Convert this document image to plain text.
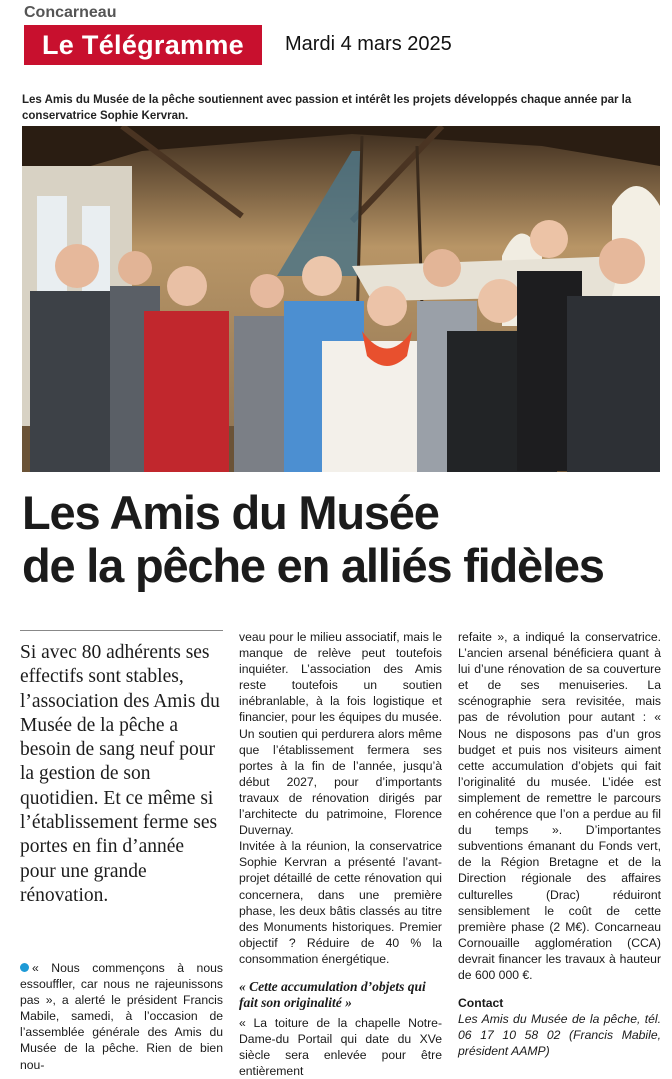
Concarneau
Le Télégramme	Mardi 4 mars 2025
Les Amis du Musée de la pêche soutiennent avec passion et intérêt les projets développés chaque année par la conservatrice Sophie Kervran.
Les Amis du Musée
de la pêche en alliés fidèles

Si avec 80 adhérents ses effectifs sont stables, l’association des Amis du Musée de la pêche a besoin de sang neuf pour la gestion de son quotidien. Et ce même si l’établissement ferme ses portes en fin d’année pour une grande rénovation.

« Nous commençons à nous essouffler, car nous ne rajeunissons pas », a alerté le président Francis Mabile, samedi, à l’occasion de l’assemblée générale des Amis du Musée de la pêche. Rien de bien nou-

veau pour le milieu associatif, mais le manque de relève peut toutefois inquiéter. L’association des Amis reste toutefois un soutien inébranlable, à la fois logistique et financier, pour les équipes du musée. Un soutien qui perdurera alors même que l’établissement fermera ses portes à la fin de l’année, jusqu’à début 2027, pour d’importants travaux de rénovation dirigés par l’architecte du patrimoine, Florence Duvernay.

Invitée à la réunion, la conservatrice Sophie Kervran a présenté l’avant-projet détaillé de cette rénovation qui concernera, dans une première phase, les deux bâtis classés au titre des Monuments historiques. Premier objectif ? Réduire de 40 % la consommation énergétique.

« Cette accumulation d’objets qui fait son originalité »

« La toiture de la chapelle Notre-Dame-du Portail qui date du XVe siècle sera enlevée pour être entièrement

refaite », a indiqué la conservatrice. L’ancien arsenal bénéficiera quant à lui d’une rénovation de sa couverture et de ses menuiseries. La scénographie sera revisitée, mais pas de révolution pour autant : « Nous ne disposons pas d’un gros budget et puis nos visiteurs aiment cette accumulation d’objets qui fait l’originalité du musée. L’idée est simplement de remettre le parcours en cohérence que l’on a perdue au fil du temps ». D’importantes subventions émanant du Fonds vert, de la Région Bretagne et de la Direction régionale des affaires culturelles (Drac) réduiront sensiblement le coût de cette première phase (2 M€). Concarneau Cornouaille agglomération (CCA) devrait financer les travaux à hauteur de 600 000 €.

Contact

Les Amis du Musée de la pêche, tél. 06 17 10 58 02 (Francis Mabile, président AAMP)
